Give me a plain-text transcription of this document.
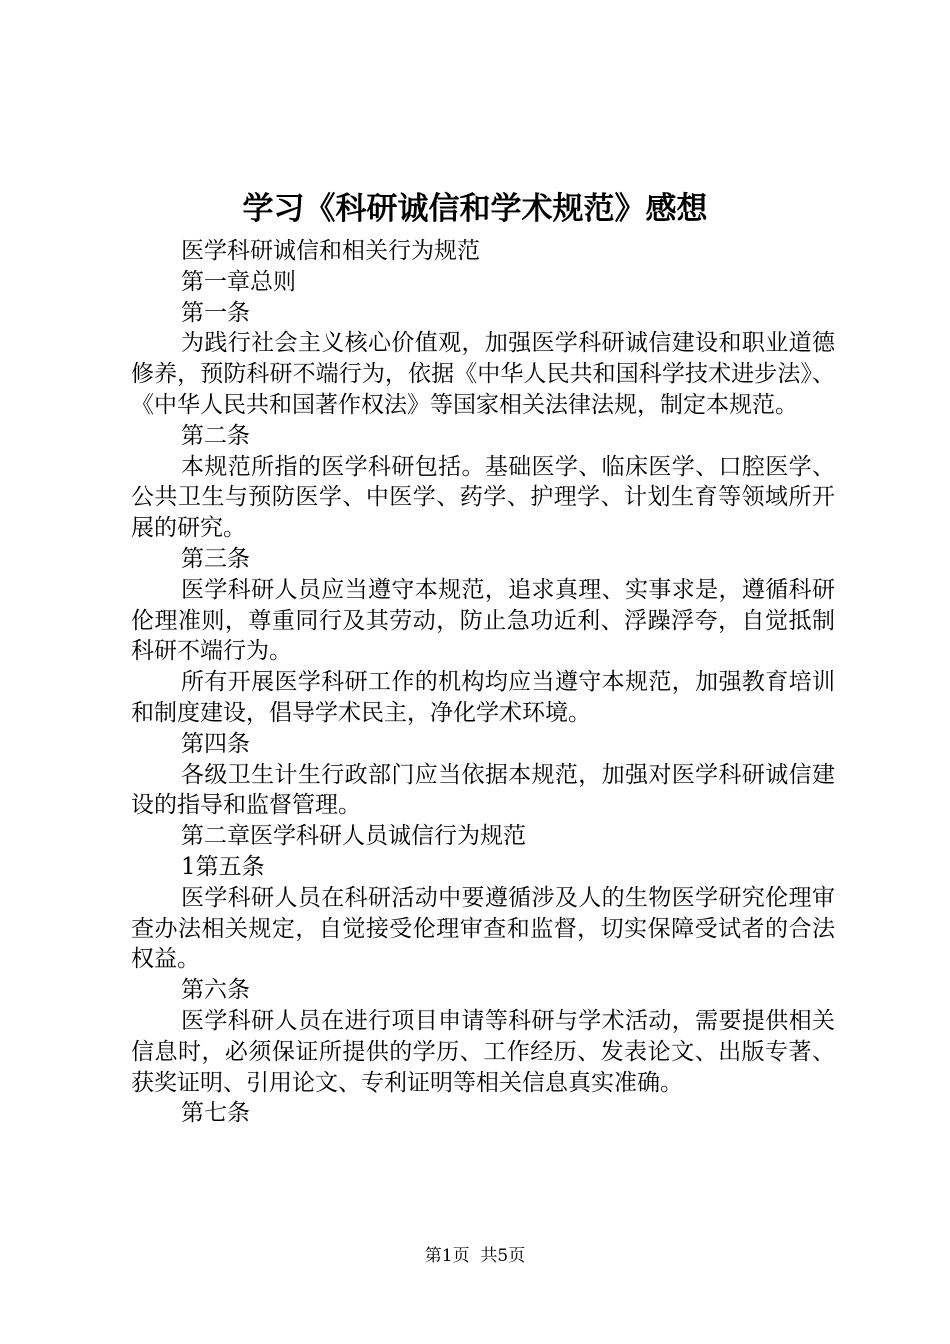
学习《科研诚信和学术规范》感想

医学科研诚信和相关行为规范

第一章总则

第一条

为践行社会主义核心价值观，加强医学科研诚信建设和职业道德修养，预防科研不端行为，依据《中华人民共和国科学技术进步法》、《中华人民共和国著作权法》等国家相关法律法规，制定本规范。

第二条

本规范所指的医学科研包括。基础医学、临床医学、口腔医学、公共卫生与预防医学、中医学、药学、护理学、计划生育等领域所开展的研究。

第三条

医学科研人员应当遵守本规范，追求真理、实事求是，遵循科研伦理准则，尊重同行及其劳动，防止急功近利、浮躁浮夸，自觉抵制科研不端行为。

所有开展医学科研工作的机构均应当遵守本规范，加强教育培训和制度建设，倡导学术民主，净化学术环境。

第四条

各级卫生计生行政部门应当依据本规范，加强对医学科研诚信建设的指导和监督管理。

第二章医学科研人员诚信行为规范

1第五条

医学科研人员在科研活动中要遵循涉及人的生物医学研究伦理审查办法相关规定，自觉接受伦理审查和监督，切实保障受试者的合法权益。

第六条

医学科研人员在进行项目申请等科研与学术活动，需要提供相关信息时，必须保证所提供的学历、工作经历、发表论文、出版专著、获奖证明、引用论文、专利证明等相关信息真实准确。

第七条

第1页  共5页
